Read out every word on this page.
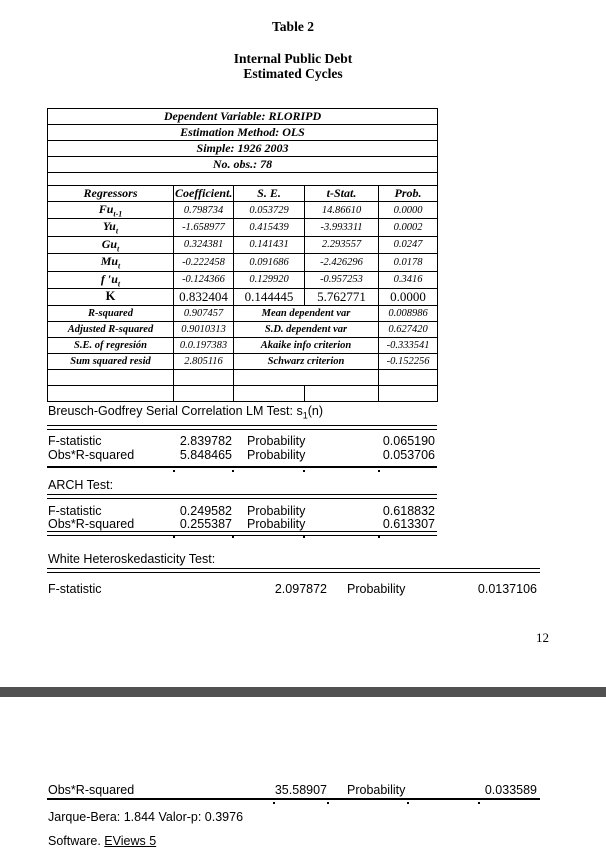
Table 2
Internal Public Debt
Estimated Cycles
Dependent Variable: RLORIPD				
Estimation Method: OLS				
Simple: 1926 2003				
No. obs.: 78				

Regressors	Coefficient.	S. E.	t-Stat.	Prob.
$Fu_{t-1}$	0.798734	0.053729	14.86610	0.0000
$Yu_t$	-1.658977	0.415439	-3.993311	0.0002
$Gu_t$	0.324381	0.141431	2.293557	0.0247
$Mu_t$	-0.222458	0.091686	-2.426296	0.0178
f $'u_t$	-0.124366	0.129920	-0.957253	0.3416
K	0.832404	0.144445	5.762771	0.0000
R-squared	0.907457	Mean dependent var		0.008986
Adjusted R-squared	0.9010313	S.D. dependent var		0.627420
S.E. of regresión	0.0.197383	Akaike info criterion		-0.333541
Sum squared resid	2.805116	Schwarz criterion		-0.152256

Breusch-Godfrey Serial Correlation LM Test: $s_1(n)$
F-statistic	2.839782 Probability	0.065190
Obs*R-squared	5.848465 Probability	0.053706
ARCH Test:
F-statistic	0.249582 Probability	0.618832
Obs*R-squared	0.255387 Probability	0.613307
White Heteroskedasticity Test:
F-statistic	2.097872 Probability	0.0137106
12
Obs*R-squared	35.58907 Probability	0.033589
Jarque-Bera: 1.844 Valor-p: 0.3976
Software. EViews 5
